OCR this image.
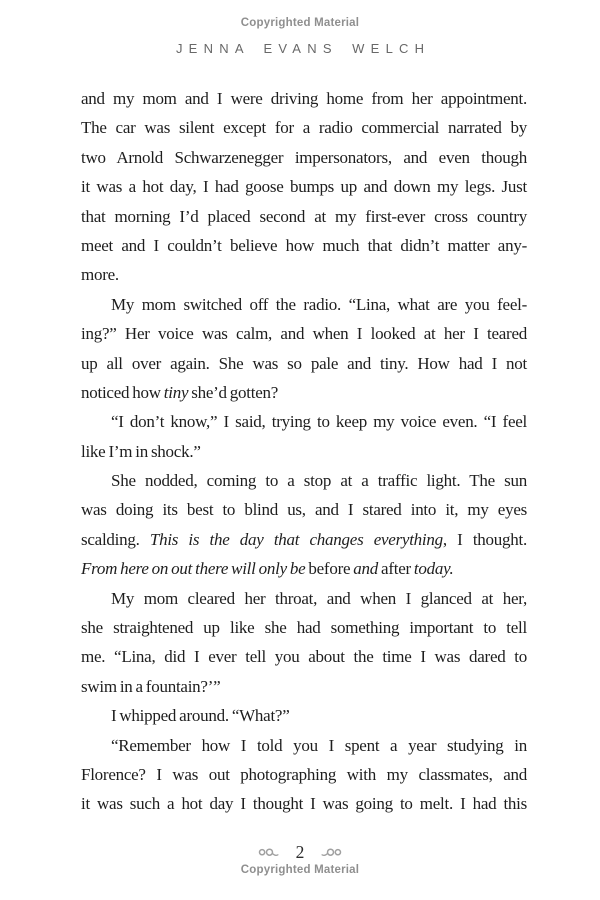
Copyrighted Material
JENNA EVANS WELCH
and my mom and I were driving home from her appointment.
The car was silent except for a radio commercial narrated by
two Arnold Schwarzenegger impersonators, and even though
it was a hot day, I had goose bumps up and down my legs. Just
that morning I’d placed second at my first-ever cross country
meet and I couldn’t believe how much that didn’t matter any-
more.
My mom switched off the radio. “Lina, what are you feel-
ing?” Her voice was calm, and when I looked at her I teared
up all over again. She was so pale and tiny. How had I not
noticed how tiny she’d gotten?
“I don’t know,” I said, trying to keep my voice even. “I feel
like I’m in shock.”
She nodded, coming to a stop at a traffic light. The sun
was doing its best to blind us, and I stared into it, my eyes
scalding. This is the day that changes everything, I thought.
From here on out there will only be before and after today.
My mom cleared her throat, and when I glanced at her,
she straightened up like she had something important to tell
me. “Lina, did I ever tell you about the time I was dared to
swim in a fountain?’”
I whipped around. “What?”
“Remember how I told you I spent a year studying in
Florence? I was out photographing with my classmates, and
it was such a hot day I thought I was going to melt. I had this
2
Copyrighted Material
